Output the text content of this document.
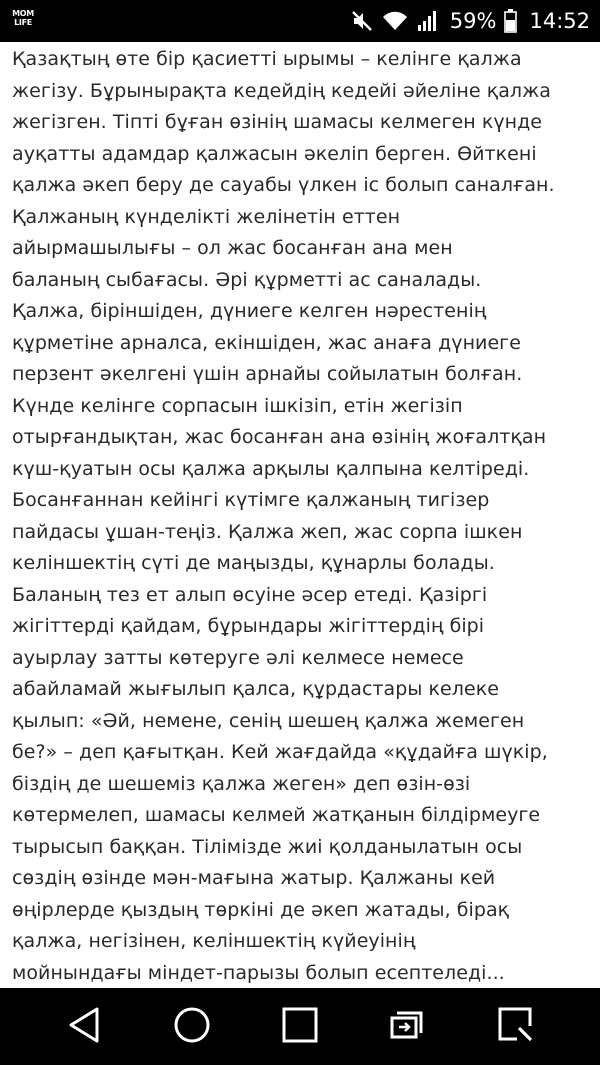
MOM
LIFE	59% 14:52
Қазақтың өте бір қасиетті ырымы – келінге қалжа
жегізу. Бұрынырақта кедейдің кедейі әйеліне қалжа
жегізген. Тіпті бұған өзінің шамасы келмеген күнде
ауқатты адамдар қалжасын әкеліп берген. Өйткені
қалжа әкеп беру де сауабы үлкен іс болып саналған.
Қалжаның күнделікті желінетін еттен
айырмашылығы – ол жас босанған ана мен
баланың сыбағасы. Әрі құрметті ас саналады.
Қалжа, біріншіден, дүниеге келген нәрестенің
құрметіне арналса, екіншіден, жас анаға дүниеге
перзент әкелгені үшін арнайы сойылатын болған.
Күнде келінге сорпасын ішкізіп, етін жегізіп
отырғандықтан, жас босанған ана өзінің жоғалтқан
күш-қуатын осы қалжа арқылы қалпына келтіреді.
Босанғаннан кейінгі күтімге қалжаның тигізер
пайдасы ұшан-теңіз. Қалжа жеп, жас сорпа ішкен
келіншектің сүті де маңызды, құнарлы болады.
Баланың тез ет алып өсуіне әсер етеді. Қазіргі
жігіттерді қайдам, бұрындары жігіттердің бірі
ауырлау затты көтеруге әлі келмесе немесе
абайламай жығылып қалса, құрдастары келеке
қылып: «Әй, немене, сенің шешең қалжа жемеген
бе?» – деп қағытқан. Кей жағдайда «құдайға шүкір,
біздің де шешеміз қалжа жеген» деп өзін-өзі
көтермелеп, шамасы келмей жатқанын білдірмеуге
тырысып баққан. Тілімізде жиі қолданылатын осы
сөздің өзінде мән-мағына жатыр. Қалжаны кей
өңірлерде қыздың төркіні де әкеп жатады, бірақ
қалжа, негізінен, келіншектің күйеуінің
мойнындағы міндет-парызы болып есептеледі...
